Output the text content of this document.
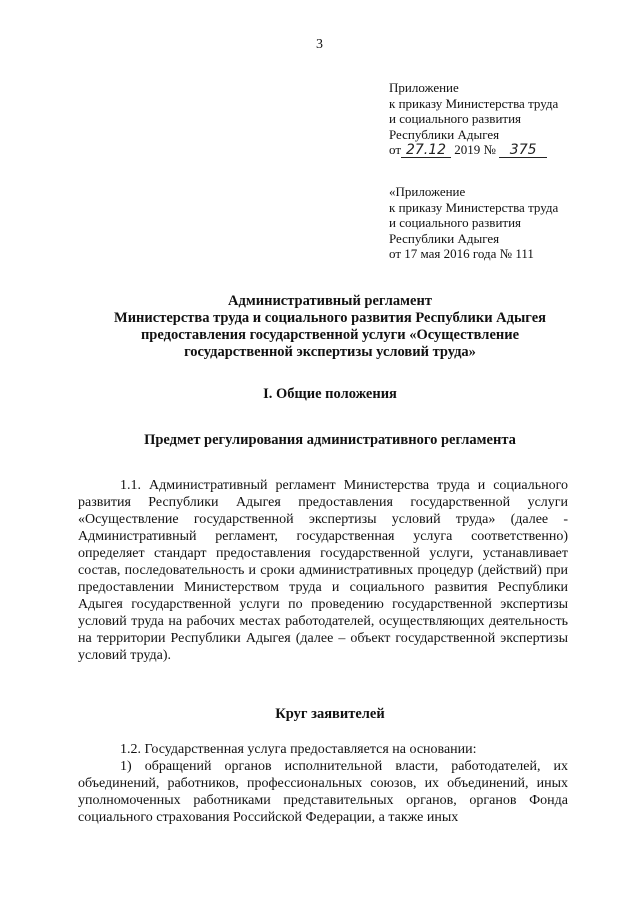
3
Приложение
к приказу Министерства труда
и социального развития
Республики Адыгея
от 27.12 2019 № 375
«Приложение
к приказу Министерства труда
и социального развития
Республики Адыгея
от 17 мая 2016 года № 111
Административный регламент
Министерства труда и социального развития Республики Адыгея
предоставления государственной услуги «Осуществление
государственной экспертизы условий труда»
I. Общие положения
Предмет регулирования административного регламента
1.1. Административный регламент Министерства труда и социального развития Республики Адыгея предоставления государственной услуги «Осуществление государственной экспертизы условий труда» (далее - Административный регламент, государственная услуга соответственно) определяет стандарт предоставления государственной услуги, устанавливает состав, последовательность и сроки административных процедур (действий) при предоставлении Министерством труда и социального развития Республики Адыгея государственной услуги по проведению государственной экспертизы условий труда на рабочих местах работодателей, осуществляющих деятельность на территории Республики Адыгея (далее – объект государственной экспертизы условий труда).
Круг заявителей
1.2. Государственная услуга предоставляется на основании:
1) обращений органов исполнительной власти, работодателей, их объединений, работников, профессиональных союзов, их объединений, иных уполномоченных работниками представительных органов, органов Фонда социального страхования Российской Федерации, а также иных
